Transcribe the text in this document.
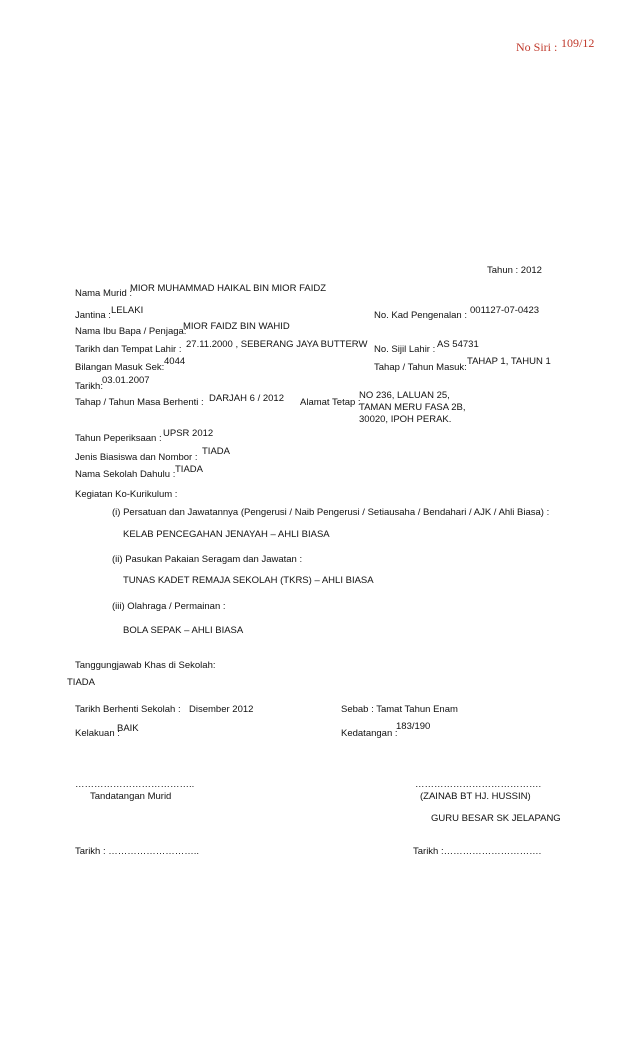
No Siri : 109/12
Tahun : 2012
Nama Murid :
MIOR MUHAMMAD HAIKAL BIN MIOR FAIDZ
Jantina : LELAKI	No. Kad Pengenalan : 001127-07-0423
Nama Ibu Bapa / Penjaga:
MIOR FAIDZ BIN WAHID
Tarikh dan Tempat Lahir : 27.11.2000 , SEBERANG JAYA BUTTERW No. Sijil Lahir : AS 54731
Bilangan Masuk Sek:
4044
Tahap / Tahun Masuk:
TAHAP 1, TAHUN 1
Tarikh:
03.01.2007
Tahap / Tahun Masa Berhenti : DARJAH 6 / 2012 Alamat Tetap :
NO 236, LALUAN 25,
TAMAN MERU FASA 2B,
30020, IPOH PERAK.
Tahun Peperiksaan : UPSR 2012
Jenis Biasiswa dan Nombor :
TIADA
Nama Sekolah Dahulu : TIADA
Kegiatan Ko-Kurikulum :
(i) Persatuan dan Jawatannya (Pengerusi / Naib Pengerusi / Setiausaha / Bendahari / AJK / Ahli Biasa) :
KELAB PENCEGAHAN JENAYAH – AHLI BIASA
(ii) Pasukan Pakaian Seragam dan Jawatan :
TUNAS KADET REMAJA SEKOLAH (TKRS) – AHLI BIASA
(iii) Olahraga / Permainan :
BOLA SEPAK – AHLI BIASA
Tanggungjawab Khas di Sekolah:
TIADA
Tarikh Berhenti Sekolah : Disember 2012	Sebab : Tamat Tahun Enam
Kelakuan :
BAIK	Kedatangan :
183/190
………………………………..
Tandatangan Murid
………………………………….
(ZAINAB BT HJ. HUSSIN)
GURU BESAR SK JELAPANG
Tarikh : ………………………..	Tarikh :………………………….
